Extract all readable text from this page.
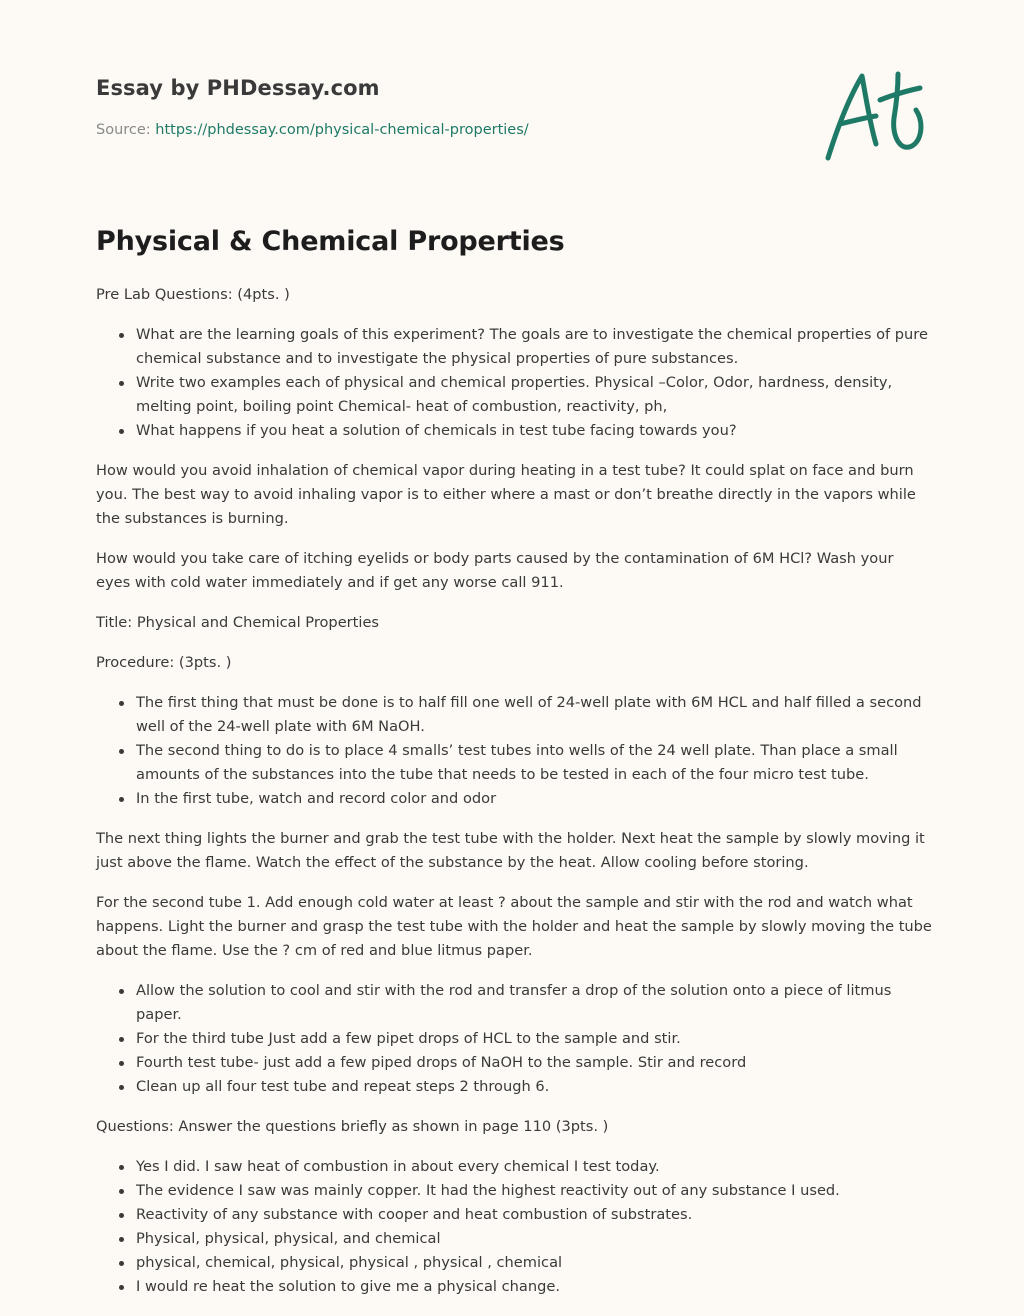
Essay by PHDessay.com
Source: https://phdessay.com/physical-chemical-properties/
Physical & Chemical Properties

Pre Lab Questions: (4pts. )

What are the learning goals of this experiment? The goals are to investigate the chemical properties of pure chemical substance and to investigate the physical properties of pure substances.
Write two examples each of physical and chemical properties. Physical –Color, Odor, hardness, density, melting point, boiling point Chemical- heat of combustion, reactivity, ph,
What happens if you heat a solution of chemicals in test tube facing towards you?

How would you avoid inhalation of chemical vapor during heating in a test tube? It could splat on face and burn you. The best way to avoid inhaling vapor is to either where a mast or don’t breathe directly in the vapors while the substances is burning.

How would you take care of itching eyelids or body parts caused by the contamination of 6M HCl? Wash your eyes with cold water immediately and if get any worse call 911.

Title: Physical and Chemical Properties

Procedure: (3pts. )

The first thing that must be done is to half fill one well of 24-well plate with 6M HCL and half filled a second well of the 24-well plate with 6M NaOH.
The second thing to do is to place 4 smalls’ test tubes into wells of the 24 well plate. Than place a small amounts of the substances into the tube that needs to be tested in each of the four micro test tube.
In the first tube, watch and record color and odor

The next thing lights the burner and grab the test tube with the holder. Next heat the sample by slowly moving it just above the flame. Watch the effect of the substance by the heat. Allow cooling before storing.

For the second tube 1. Add enough cold water at least ? about the sample and stir with the rod and watch what happens. Light the burner and grasp the test tube with the holder and heat the sample by slowly moving the tube about the flame. Use the ? cm of red and blue litmus paper.

Allow the solution to cool and stir with the rod and transfer a drop of the solution onto a piece of litmus paper.
For the third tube Just add a few pipet drops of HCL to the sample and stir.
Fourth test tube- just add a few piped drops of NaOH to the sample. Stir and record
Clean up all four test tube and repeat steps 2 through 6.

Questions: Answer the questions briefly as shown in page 110 (3pts. )

Yes I did. I saw heat of combustion in about every chemical I test today.
The evidence I saw was mainly copper. It had the highest reactivity out of any substance I used.
Reactivity of any substance with cooper and heat combustion of substrates.
Physical, physical, physical, and chemical
physical, chemical, physical, physical , physical , chemical
I would re heat the solution to give me a physical change.
